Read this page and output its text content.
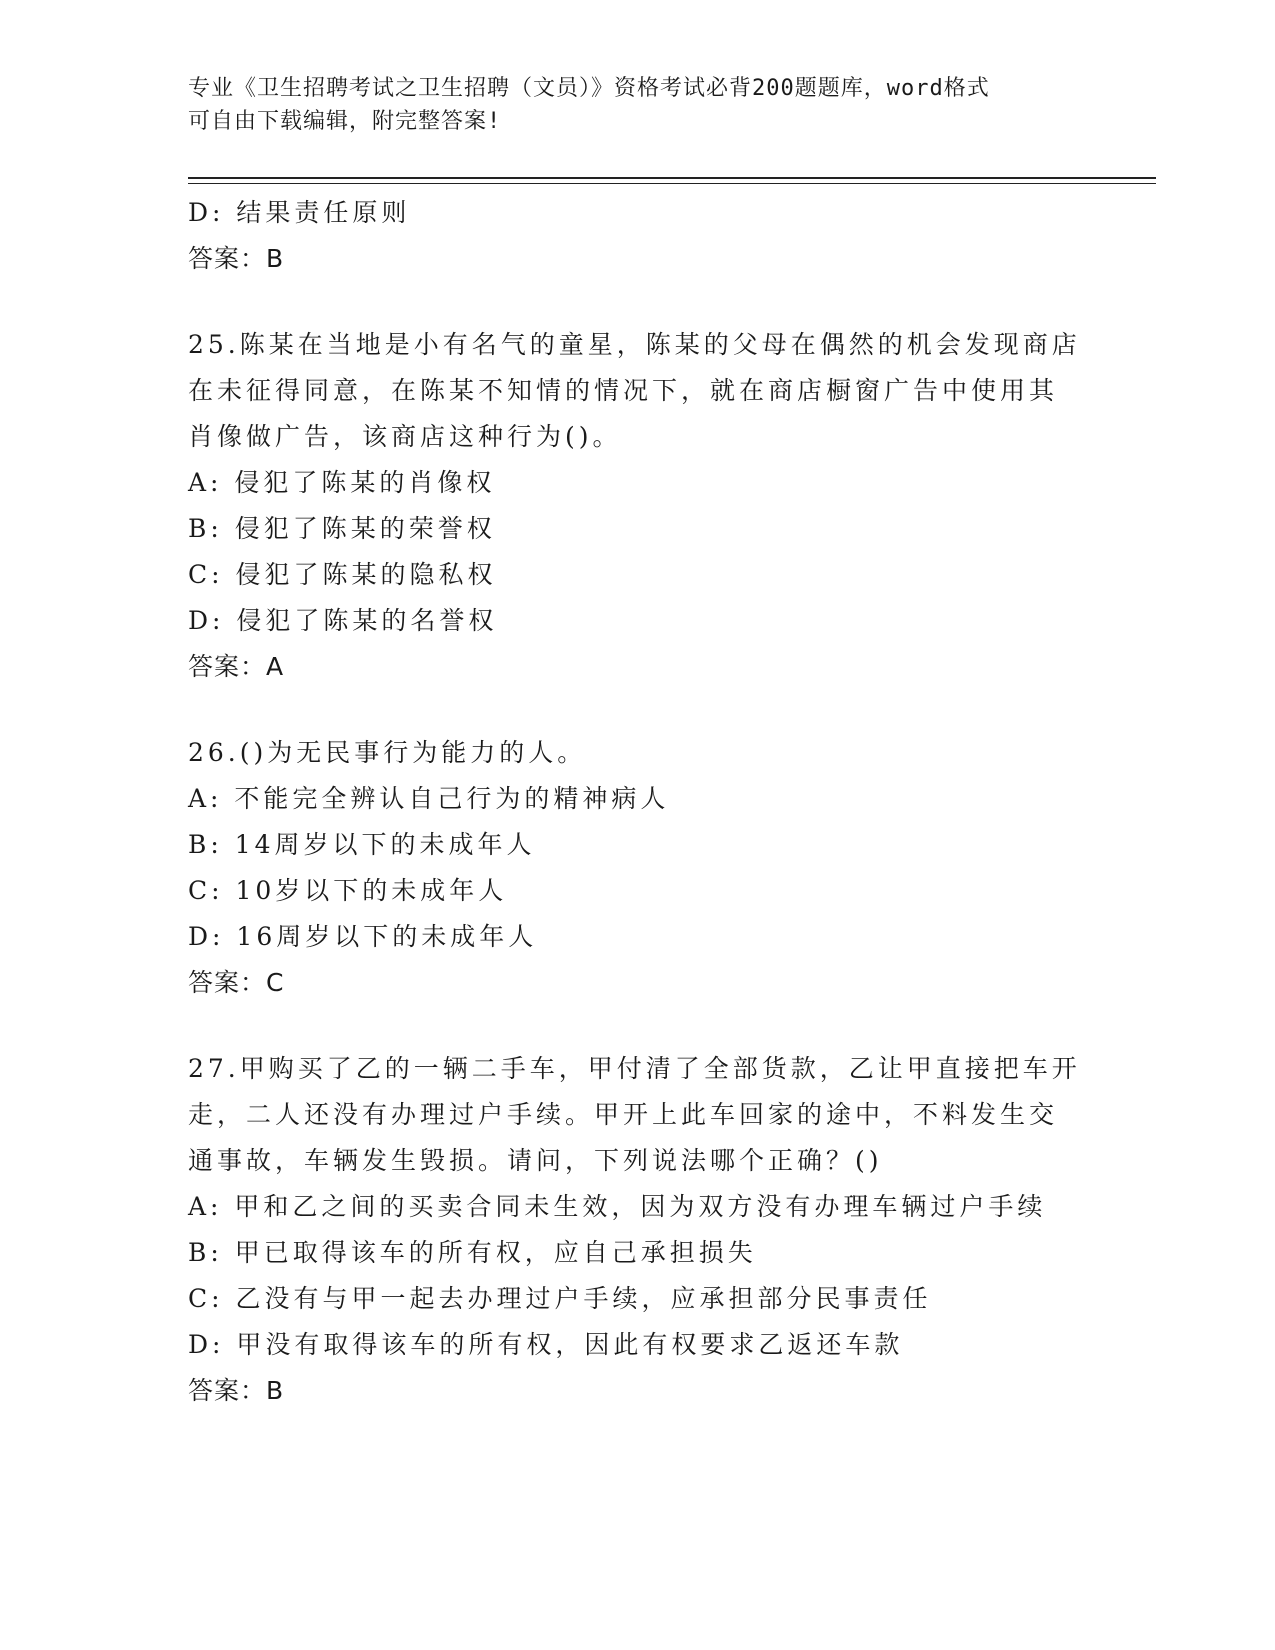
专业《卫生招聘考试之卫生招聘（文员）》资格考试必背200题题库，word格式
可自由下载编辑，附完整答案!

D: 结果责任原则

答案：B

25.陈某在当地是小有名气的童星，陈某的父母在偶然的机会发现商店

在未征得同意，在陈某不知情的情况下，就在商店橱窗广告中使用其

肖像做广告，该商店这种行为()。

A: 侵犯了陈某的肖像权

B: 侵犯了陈某的荣誉权

C: 侵犯了陈某的隐私权

D: 侵犯了陈某的名誉权

答案：A

26.()为无民事行为能力的人。

A: 不能完全辨认自己行为的精神病人

B: 14周岁以下的未成年人

C: 10岁以下的未成年人

D: 16周岁以下的未成年人

答案：C

27.甲购买了乙的一辆二手车，甲付清了全部货款，乙让甲直接把车开

走，二人还没有办理过户手续。甲开上此车回家的途中，不料发生交

通事故，车辆发生毁损。请问，下列说法哪个正确？()

A: 甲和乙之间的买卖合同未生效，因为双方没有办理车辆过户手续

B: 甲已取得该车的所有权，应自己承担损失

C: 乙没有与甲一起去办理过户手续，应承担部分民事责任

D: 甲没有取得该车的所有权，因此有权要求乙返还车款

答案：B
